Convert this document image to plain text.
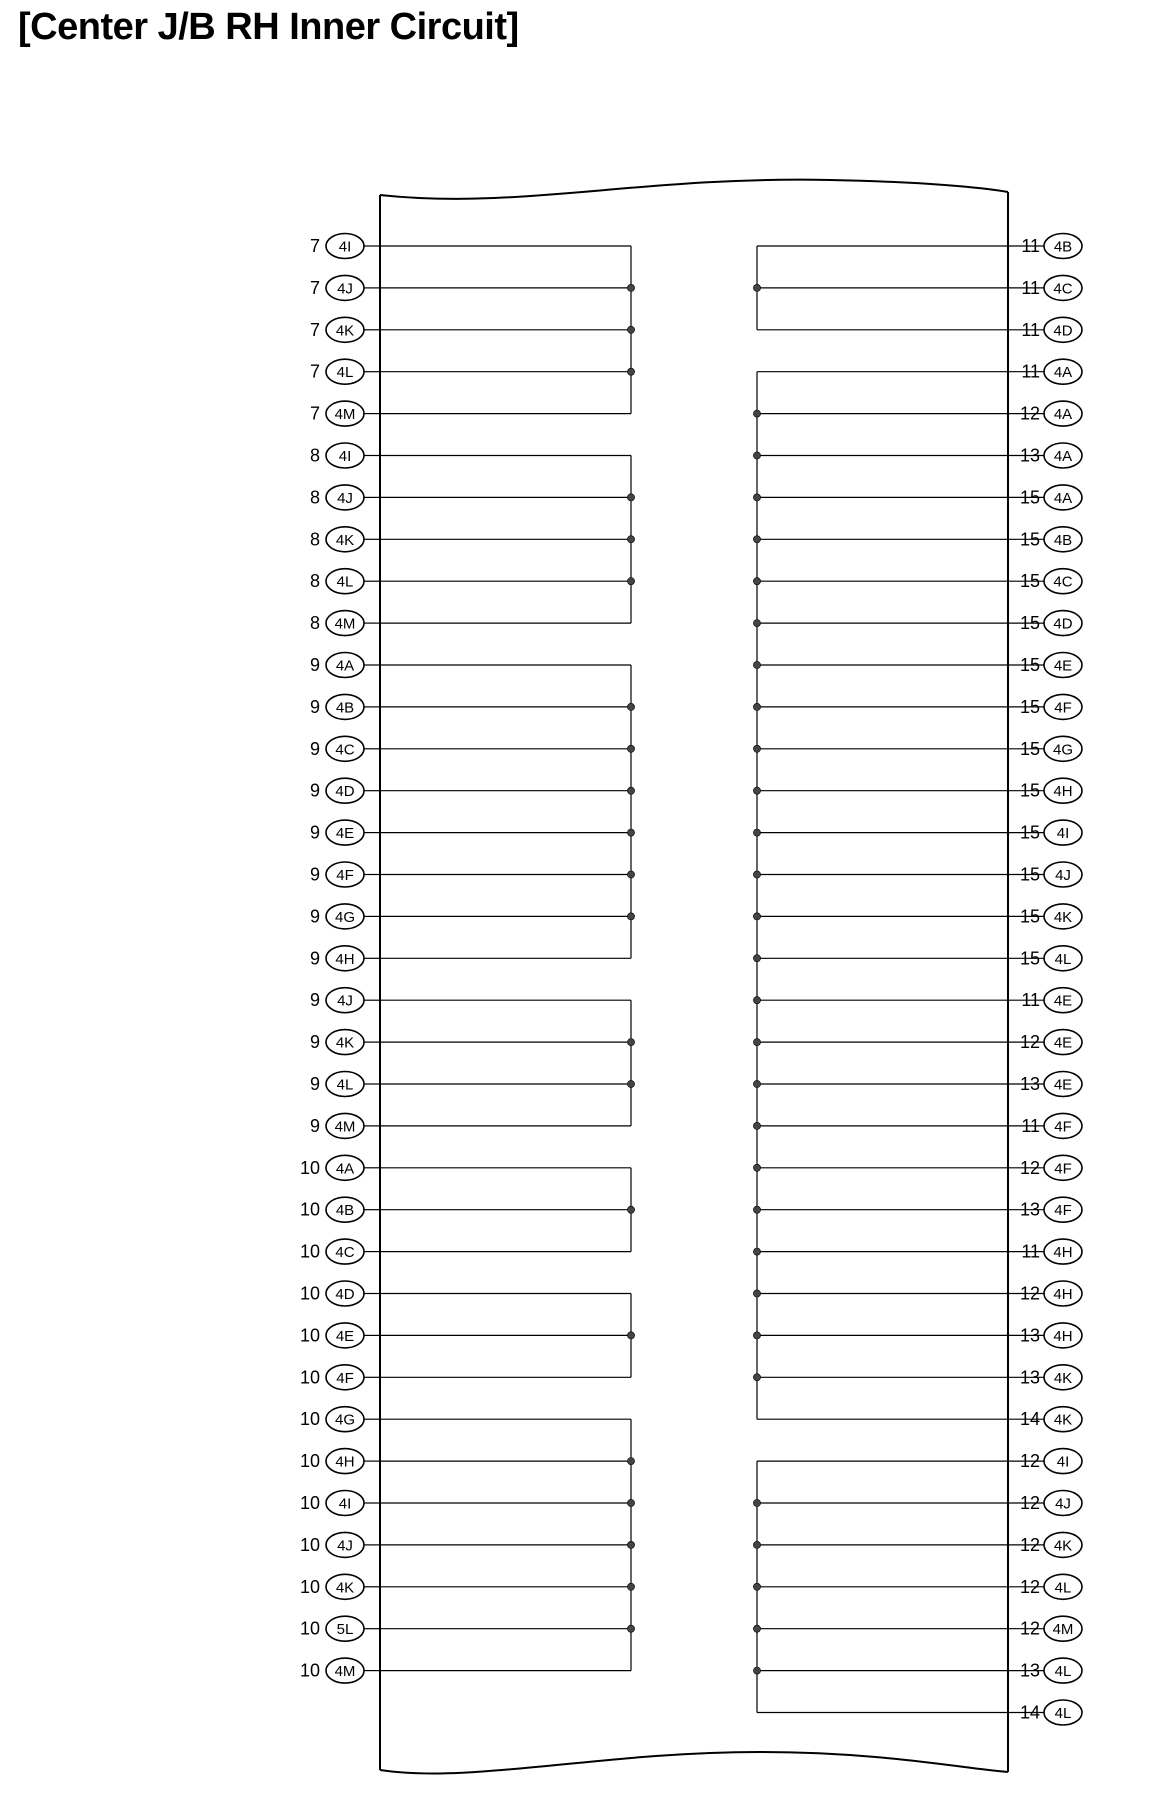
[Center J/B RH Inner Circuit]
7 4I
7 4J
7 4K
7 4L
7 4M
8 4I
8 4J
8 4K
8 4L
8 4M
9 4A
9 4B
9 4C
9 4D
9 4E
9 4F
9 4G
9 4H
9 4J
9 4K
9 4L
9 4M
10 4A
10 4B
10 4C
10 4D
10 4E
10 4F
10 4G
10 4H
10 4I
10 4J
10 4K
10 5L
10 4M
11 4B
11 4C
11 4D
11 4A
12 4A
13 4A
15 4A
15 4B
15 4C
15 4D
15 4E
15 4F
15 4G
15 4H
15 4I
15 4J
15 4K
15 4L
11 4E
12 4E
13 4E
11 4F
12 4F
13 4F
11 4H
12 4H
13 4H
13 4K
14 4K
12 4I
12 4J
12 4K
12 4L
12 4M
13 4L
14 4L
